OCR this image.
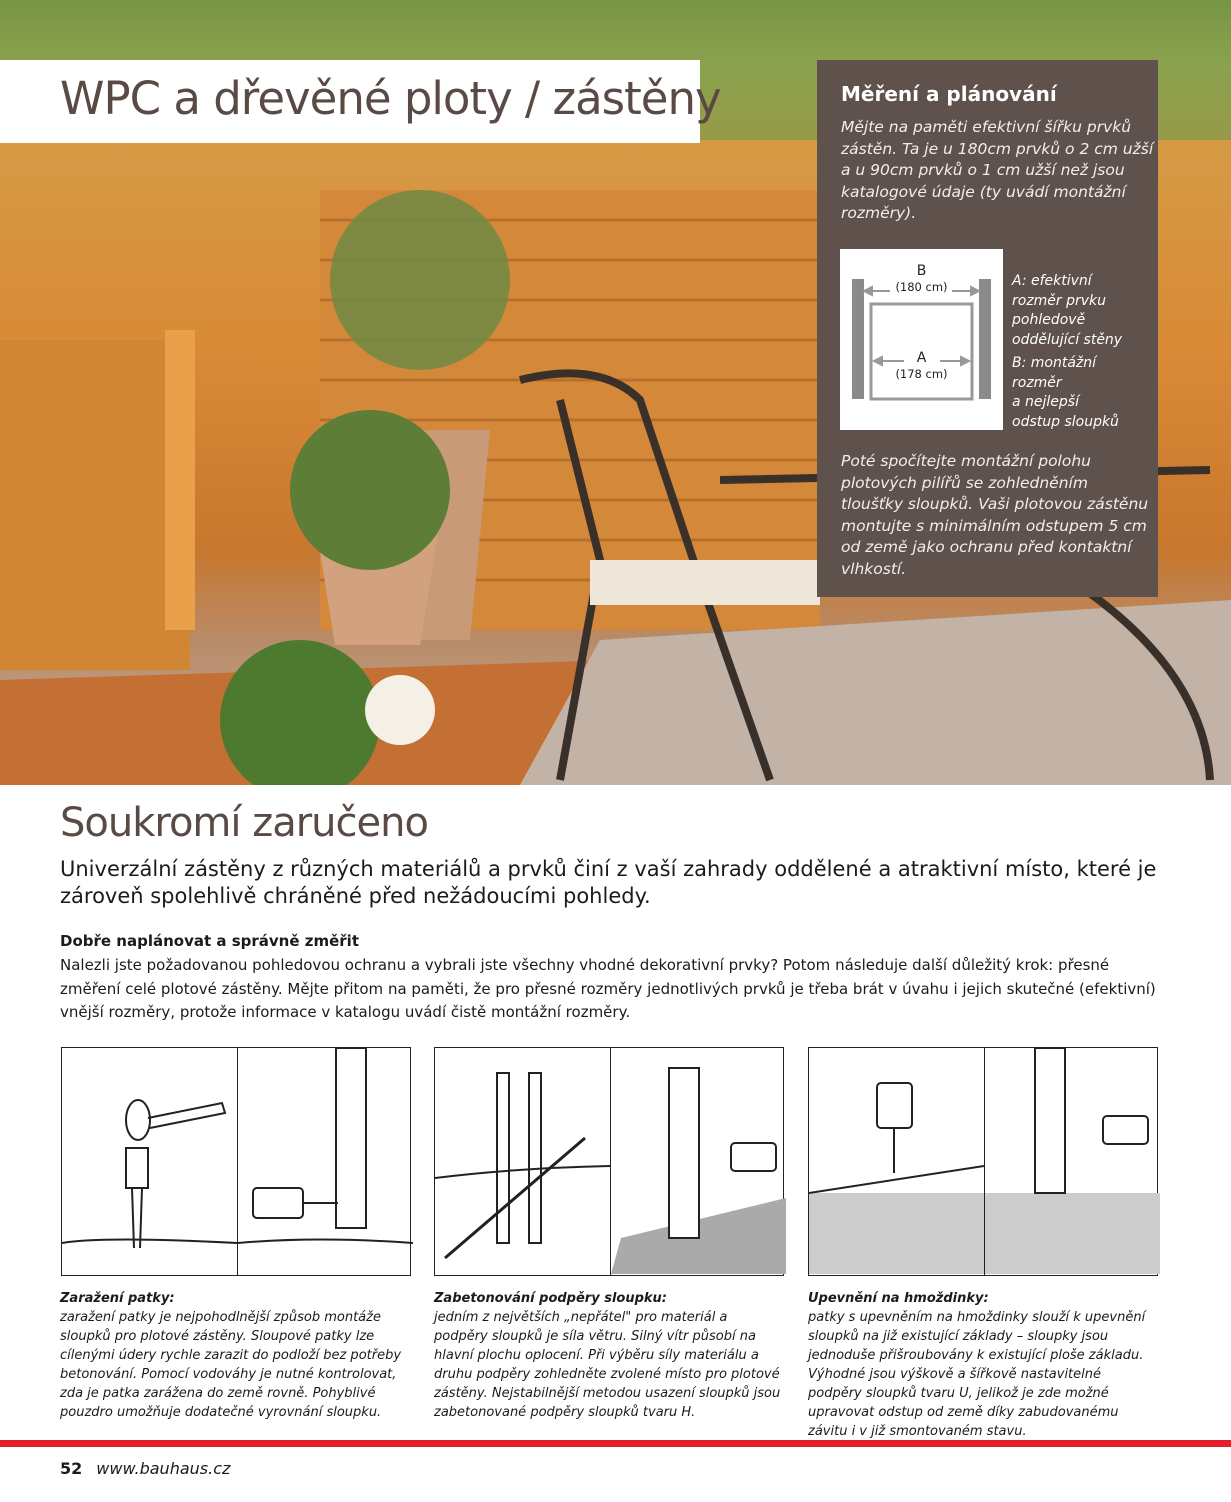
WPC a dřevěné ploty / zástěny	Měření a plánování
Mějte na paměti efektivní šířku prvků
zástěn. Ta je u 180cm prvků o 2 cm užší
a u 90cm prvků o 1 cm užší než jsou
katalogové údaje (ty uvádí montážní
rozměry).
B
(180 cm)
A
(178 cm)
A: efektivní
rozměr prvku
pohledově
oddělující stěny
B: montážní
rozměr
a nejlepší
odstup sloupků
Poté spočítejte montážní polohu
plotových pilířů se zohledněním
tloušťky sloupků. Vaši plotovou zástěnu
montujte s minimálním odstupem 5 cm
od země jako ochranu před kontaktní
vlhkostí.
Soukromí zaručeno

Univerzální zástěny z různých materiálů a prvků činí z vaší zahrady oddělené a atraktivní místo, které je zároveň spolehlivě chráněné před nežádoucími pohledy.

Dobře naplánovat a správně změřit

Nalezli jste požadovanou pohledovou ochranu a vybrali jste všechny vhodné dekorativní prvky? Potom následuje další důležitý krok: přesné změření celé plotové zástěny. Mějte přitom na paměti, že pro přesné rozměry jednotlivých prvků je třeba brát v úvahu i jejich skutečné (efektivní) vnější rozměry, protože informace v katalogu uvádí čistě montážní rozměry.

Zaražení patky:
zaražení patky je nejpohodlnější způsob montáže sloupků pro plotové zástěny. Sloupové patky lze cílenými údery rychle zarazit do podloží bez potřeby betonování. Pomocí vodováhy je nutné kontrolovat, zda je patka zarážena do země rovně. Pohyblivé pouzdro umožňuje dodatečné vyrovnání sloupku.
Zabetonování podpěry sloupku:
jedním z největších „nepřátel" pro materiál a podpěry sloupků je síla větru. Silný vítr působí na hlavní plochu oplocení. Při výběru síly materiálu a druhu podpěry zohledněte zvolené místo pro plotové zástěny. Nejstabilnější metodou usazení sloupků jsou zabetonované podpěry sloupků tvaru H.
Upevnění na hmoždinky:
patky s upevněním na hmoždinky slouží k upevnění sloupků na již existující základy – sloupky jsou jednoduše přišroubovány k existující ploše základu. Výhodné jsou výškově a šířkově nastavitelné podpěry sloupků tvaru U, jelikož je zde možné upravovat odstup od země díky zabudovanému závitu i v již smontovaném stavu.
52 www.bauhaus.cz
